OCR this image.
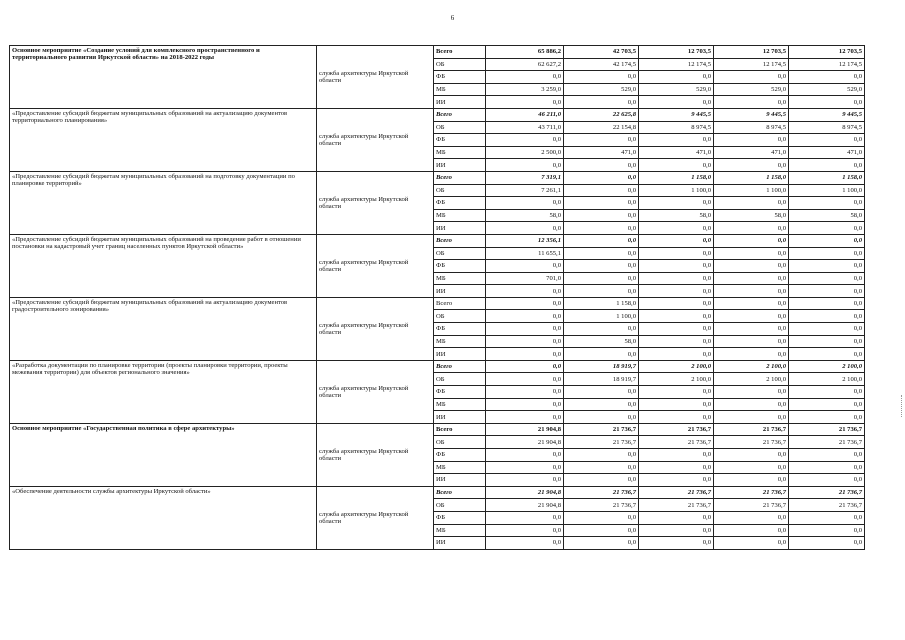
6
Основное мероприятие «Создание условий для комплексного пространственного и территориального развития Иркутской области» на 2018-2022 годы	служба архитектуры Иркутской области	Всего	65 886,2	42 703,5	12 703,5	12 703,5	12 703,5
		ОБ	62 627,2	42 174,5	12 174,5	12 174,5	12 174,5
		ФБ	0,0	0,0	0,0	0,0	0,0
		МБ	3 259,0	529,0	529,0	529,0	529,0
		ИИ	0,0	0,0	0,0	0,0	0,0
«Предоставление субсидий бюджетам муниципальных образований на актуализацию документов территориального планирования»	служба архитектуры Иркутской области	Всего	46 211,0	22 625,8	9 445,5	9 445,5	9 445,5
		ОБ	43 711,0	22 154,8	8 974,5	8 974,5	8 974,5
		ФБ	0,0	0,0	0,0	0,0	0,0
		МБ	2 500,0	471,0	471,0	471,0	471,0
		ИИ	0,0	0,0	0,0	0,0	0,0
«Предоставление субсидий бюджетам муниципальных образований на подготовку документации по планировке территорий»	служба архитектуры Иркутской области	Всего	7 319,1	0,0	1 158,0	1 158,0	1 158,0
		ОБ	7 261,1	0,0	1 100,0	1 100,0	1 100,0
		ФБ	0,0	0,0	0,0	0,0	0,0
		МБ	58,0	0,0	58,0	58,0	58,0
		ИИ	0,0	0,0	0,0	0,0	0,0
«Предоставление субсидий бюджетам муниципальных образований на проведение работ в отношении постановки на кадастровый учет границ населенных пунктов Иркутской области»	служба архитектуры Иркутской области	Всего	12 356,1	0,0	0,0	0,0	0,0
		ОБ	11 655,1	0,0	0,0	0,0	0,0
		ФБ	0,0	0,0	0,0	0,0	0,0
		МБ	701,0	0,0	0,0	0,0	0,0
		ИИ	0,0	0,0	0,0	0,0	0,0
«Предоставление субсидий бюджетам муниципальных образований на актуализацию документов градостроительного зонирования»	служба архитектуры Иркутской области	Всего	0,0	1 158,0	0,0	0,0	0,0
		ОБ	0,0	1 100,0	0,0	0,0	0,0
		ФБ	0,0	0,0	0,0	0,0	0,0
		МБ	0,0	58,0	0,0	0,0	0,0
		ИИ	0,0	0,0	0,0	0,0	0,0
«Разработка документации по планировке территории (проекты планировки территории, проекты межевания территории) для объектов регионального значения»	служба архитектуры Иркутской области	Всего	0,0	18 919,7	2 100,0	2 100,0	2 100,0
		ОБ	0,0	18 919,7	2 100,0	2 100,0	2 100,0
		ФБ	0,0	0,0	0,0	0,0	0,0
		МБ	0,0	0,0	0,0	0,0	0,0
		ИИ	0,0	0,0	0,0	0,0	0,0
Основное мероприятие «Государственная политика в сфере архитектуры»	служба архитектуры Иркутской области	Всего	21 904,8	21 736,7	21 736,7	21 736,7	21 736,7
		ОБ	21 904,8	21 736,7	21 736,7	21 736,7	21 736,7
		ФБ	0,0	0,0	0,0	0,0	0,0
		МБ	0,0	0,0	0,0	0,0	0,0
		ИИ	0,0	0,0	0,0	0,0	0,0
«Обеспечение деятельности службы архитектуры Иркутской области»	служба архитектуры Иркутской области	Всего	21 904,8	21 736,7	21 736,7	21 736,7	21 736,7
		ОБ	21 904,8	21 736,7	21 736,7	21 736,7	21 736,7
		ФБ	0,0	0,0	0,0	0,0	0,0
		МБ	0,0	0,0	0,0	0,0	0,0
		ИИ	0,0	0,0	0,0	0,0	0,0
